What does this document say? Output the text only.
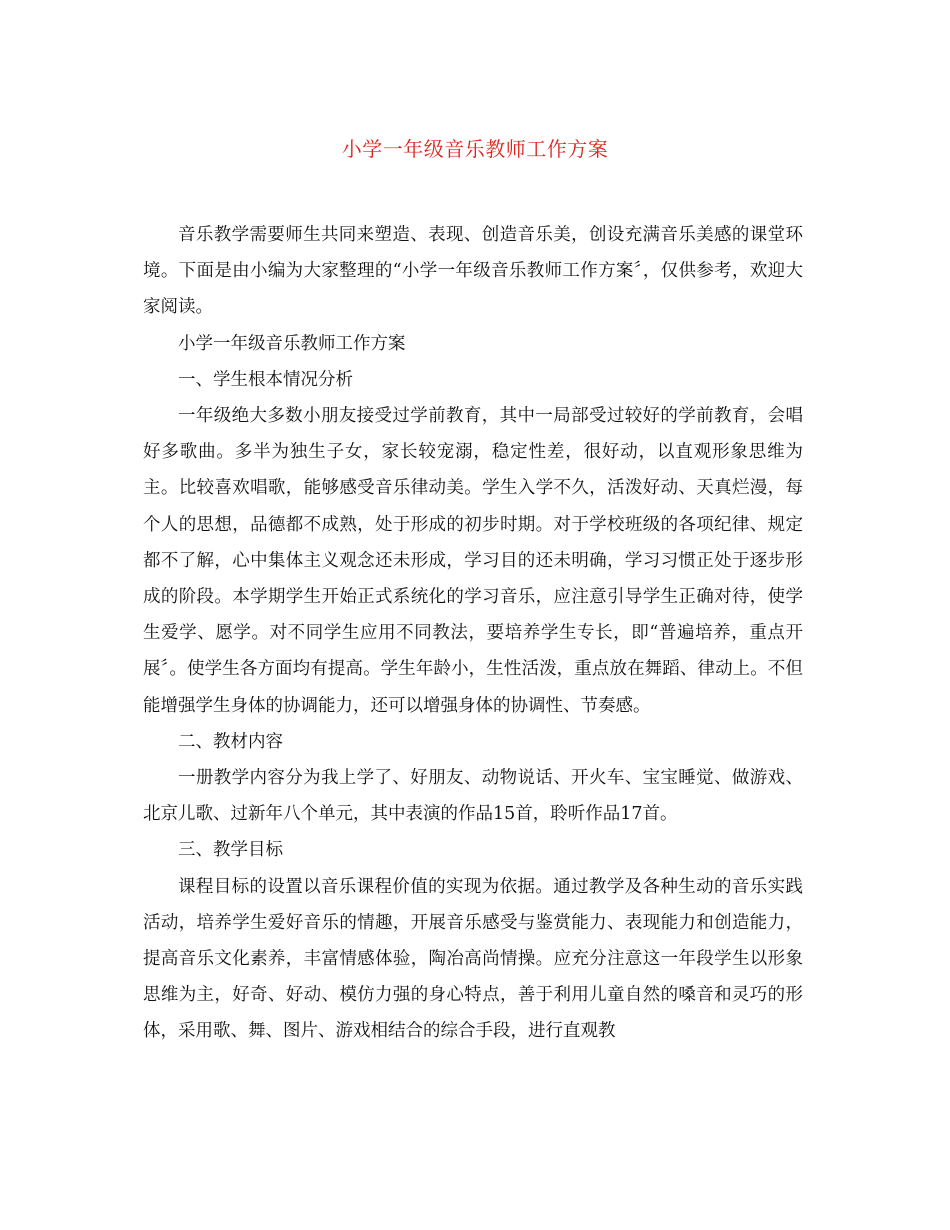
小学一年级音乐教师工作方案

音乐教学需要师生共同来塑造、表现、创造音乐美，创设充满音乐美感的课堂环境。下面是由小编为大家整理的“小学一年级音乐教师工作方案〞，仅供参考，欢迎大家阅读。

小学一年级音乐教师工作方案

一、学生根本情况分析

一年级绝大多数小朋友接受过学前教育，其中一局部受过较好的学前教育，会唱好多歌曲。多半为独生子女，家长较宠溺，稳定性差，很好动，以直观形象思维为主。比较喜欢唱歌，能够感受音乐律动美。学生入学不久，活泼好动、天真烂漫，每个人的思想，品德都不成熟，处于形成的初步时期。对于学校班级的各项纪律、规定都不了解，心中集体主义观念还未形成，学习目的还未明确，学习习惯正处于逐步形成的阶段。本学期学生开始正式系统化的学习音乐，应注意引导学生正确对待，使学生爱学、愿学。对不同学生应用不同教法，要培养学生专长，即“普遍培养，重点开展〞。使学生各方面均有提高。学生年龄小，生性活泼，重点放在舞蹈、律动上。不但能增强学生身体的协调能力，还可以增强身体的协调性、节奏感。

二、教材内容

一册教学内容分为我上学了、好朋友、动物说话、开火车、宝宝睡觉、做游戏、北京儿歌、过新年八个单元，其中表演的作品15首，聆听作品17首。

三、教学目标

课程目标的设置以音乐课程价值的实现为依据。通过教学及各种生动的音乐实践活动，培养学生爱好音乐的情趣，开展音乐感受与鉴赏能力、表现能力和创造能力，提高音乐文化素养，丰富情感体验，陶冶高尚情操。应充分注意这一年段学生以形象思维为主，好奇、好动、模仿力强的身心特点，善于利用儿童自然的嗓音和灵巧的形体，采用歌、舞、图片、游戏相结合的综合手段，进行直观教
